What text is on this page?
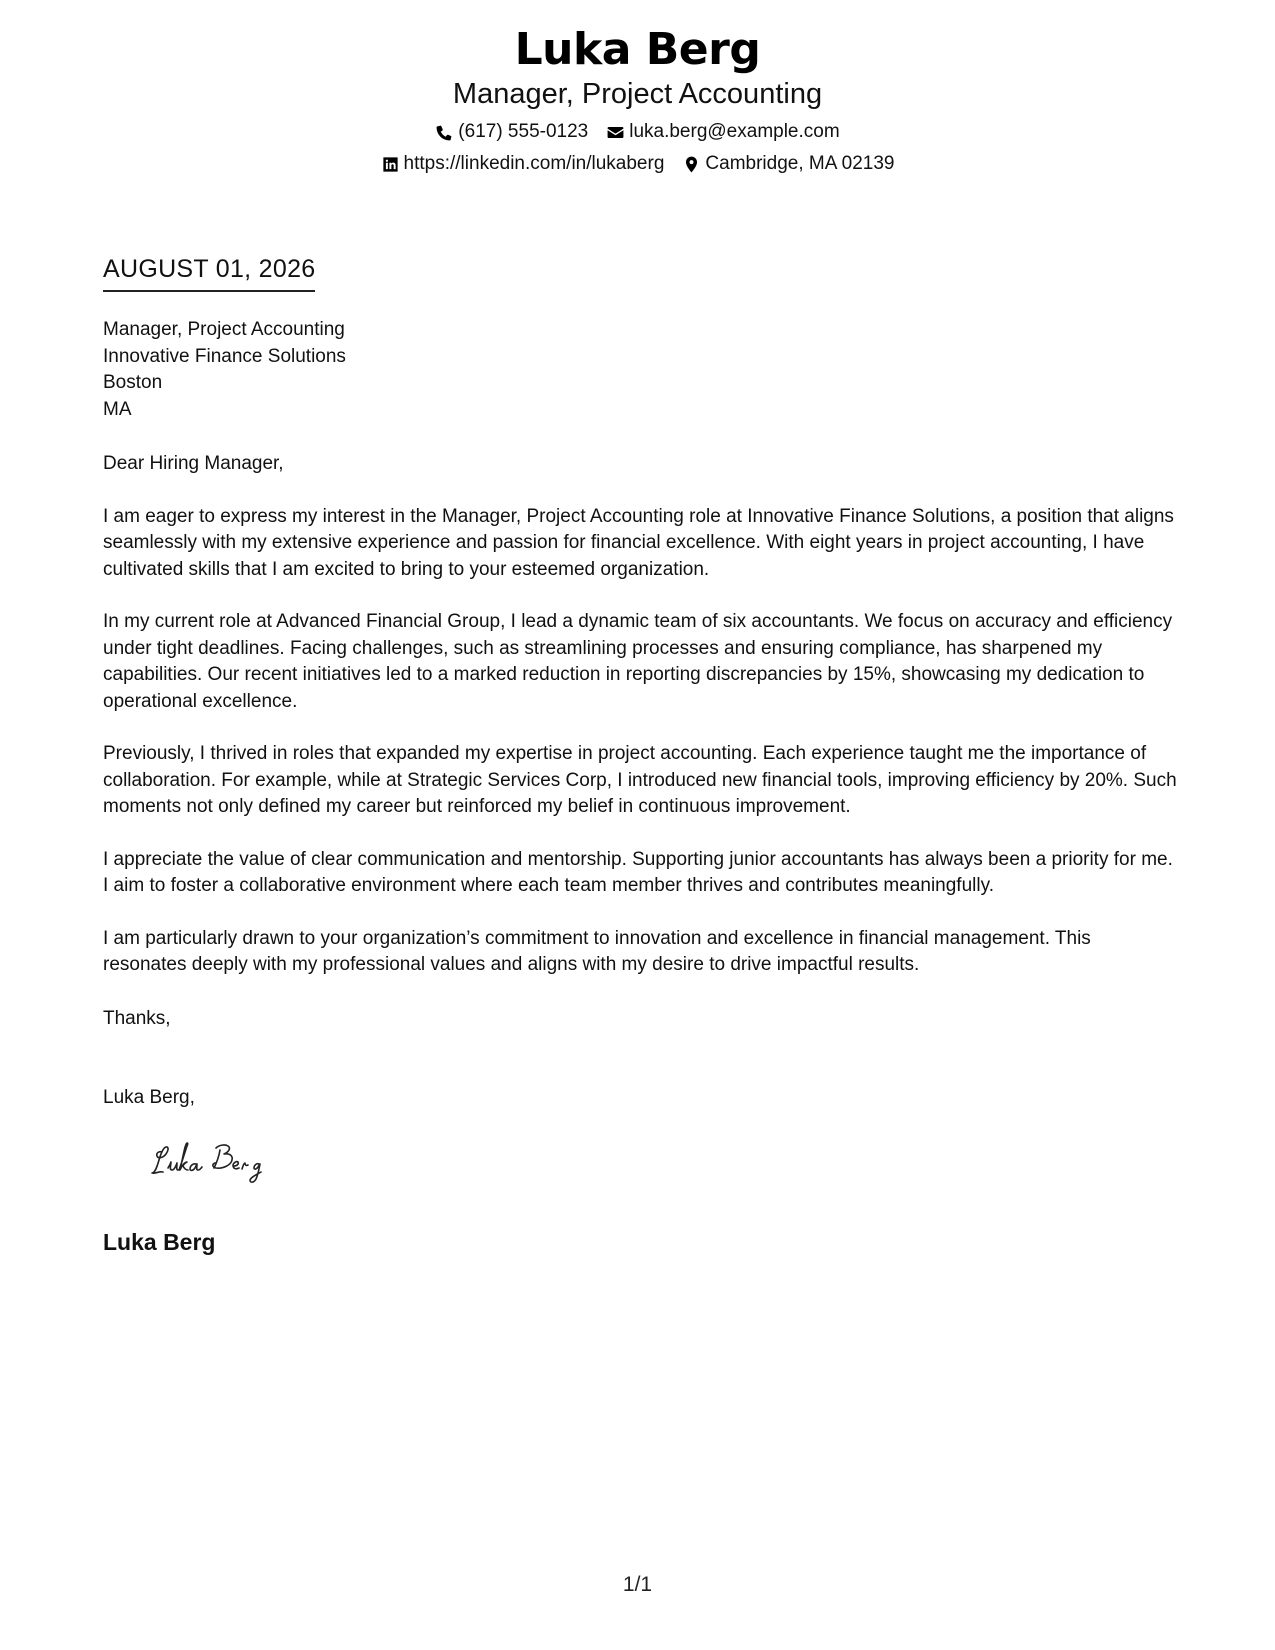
Luka Berg
Manager, Project Accounting
(617) 555-0123 luka.berg@example.com
https://linkedin.com/in/lukaberg Cambridge, MA 02139
AUGUST 01, 2026
Manager, Project Accounting
Innovative Finance Solutions
Boston
MA

Dear Hiring Manager,

I am eager to express my interest in the Manager, Project Accounting role at Innovative Finance Solutions, a position that aligns seamlessly with my extensive experience and passion for financial excellence. With eight years in project accounting, I have cultivated skills that I am excited to bring to your esteemed organization.

In my current role at Advanced Financial Group, I lead a dynamic team of six accountants. We focus on accuracy and efficiency under tight deadlines. Facing challenges, such as streamlining processes and ensuring compliance, has sharpened my capabilities. Our recent initiatives led to a marked reduction in reporting discrepancies by 15%, showcasing my dedication to operational excellence.

Previously, I thrived in roles that expanded my expertise in project accounting. Each experience taught me the importance of collaboration. For example, while at Strategic Services Corp, I introduced new financial tools, improving efficiency by 20%. Such moments not only defined my career but reinforced my belief in continuous improvement.

I appreciate the value of clear communication and mentorship. Supporting junior accountants has always been a priority for me. I aim to foster a collaborative environment where each team member thrives and contributes meaningfully.

I am particularly drawn to your organization’s commitment to innovation and excellence in financial management. This resonates deeply with my professional values and aligns with my desire to drive impactful results.

Thanks,
Luka Berg,
Luka Berg
1/1
